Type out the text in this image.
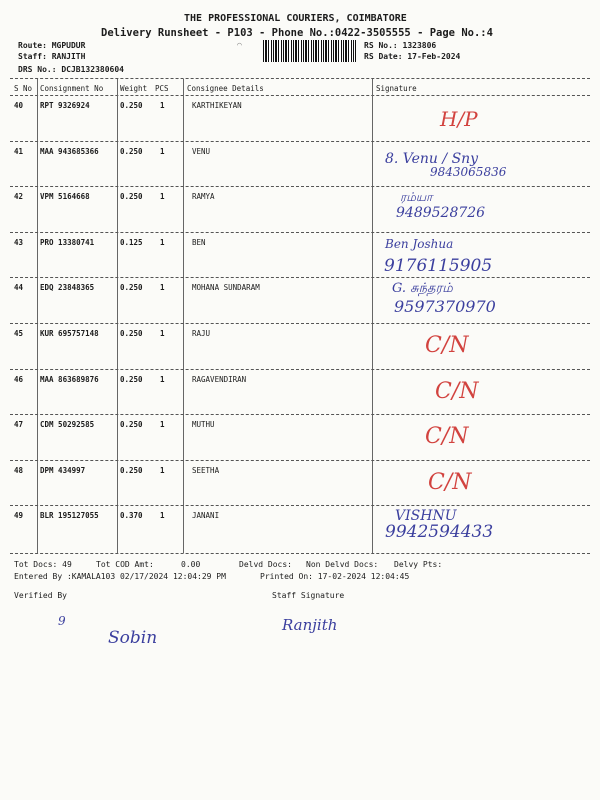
THE PROFESSIONAL COURIERS, COIMBATORE
Delivery Runsheet - P103 - Phone No.:0422-3505555 - Page No.:4
Route: MGPUDUR
Staff: RANJITH
DRS No.: DCJB132380604
⌒	RS No.: 1323806
RS Date: 17-Feb-2024
S No Consignment No Weight PCS Consignee Details	Signature
40 RPT 9326924	0.250 1	KARTHIKEYAN
H/P
41 MAA 943685366	0.250 1	VENU	8. Venu / Sny
9843065836
42 VPM 5164668	0.250 1	RAMYA	ரம்யா
9489528726
43 PRO 13380741	0.125 1	BEN	Ben Joshua
9176115905
44 EDQ 23848365	0.250 1	MOHANA SUNDARAM	G. சுந்தரம்
9597370970
45 KUR 695757148	0.250 1	RAJU	C/N
46 MAA 863689876	0.250 1	RAGAVENDIRAN	C/N
47 CDM 50292585	0.250 1	MUTHU	C/N
48 DPM 434997	0.250 1	SEETHA	C/N
49 BLR 195127055	0.370 1	JANANI	VISHNU
9942594433
Tot Docs: 49	Tot COD Amt:	0.00	Delvd Docs: Non Delvd Docs: Delvy Pts:
Entered By :KAMALA103 02/17/2024 12:04:29 PM	Printed On: 17-02-2024 12:04:45
Verified By	Staff Signature
9
Sobin
Ranjith
